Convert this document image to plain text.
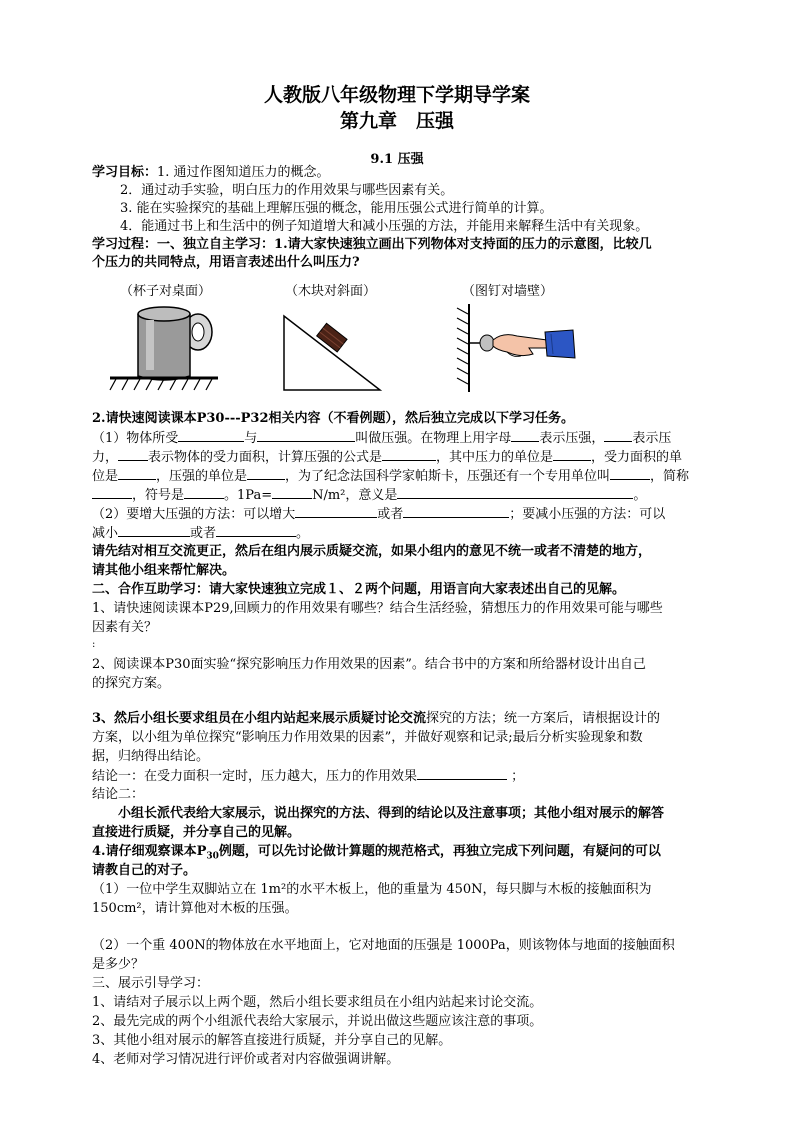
人教版八年级物理下学期导学案
第九章　压强
9.1 压强
学习目标：1. 通过作图知道压力的概念。
2．通过动手实验，明白压力的作用效果与哪些因素有关。
3. 能在实验探究的基础上理解压强的概念，能用压强公式进行简单的计算。
4．能通过书上和生活中的例子知道增大和减小压强的方法，并能用来解释生活中有关现象。
学习过程：一、独立自主学习：1.请大家快速独立画出下列物体对支持面的压力的示意图，比较几
个压力的共同特点，用语言表述出什么叫压力?
（杯子对桌面）	（木块对斜面）	（图钉对墙壁）
2.请快速阅读课本P30---P32相关内容（不看例题），然后独立完成以下学习任务。
（1）物体所受	与	叫做压强。在物理上用字母 表示压强， 表示压
力， 表示物体的受力面积，计算压强的公式是	，其中压力的单位是	，受力面积的单
位是	，压强的单位是	，为了纪念法国科学家帕斯卡，压强还有一个专用单位叫	，简称
，符号是	。1Pa=	N/m²，意义是	。
（2）要增大压强的方法：可以增大	或者	；要减小压强的方法：可以
减小	或者	。
请先结对相互交流更正，然后在组内展示质疑交流，如果小组内的意见不统一或者不清楚的地方，
请其他小组来帮忙解决。
二、合作互助学习：请大家快速独立完成１、２两个问题，用语言向大家表述出自己的见解。
1、请快速阅读课本P29,回顾力的作用效果有哪些？结合生活经验，猜想压力的作用效果可能与哪些
因素有关？
:
2、阅读课本P30面实验“探究影响压力作用效果的因素”。结合书中的方案和所给器材设计出自己
的探究方案。
3、然后小组长要求组员在小组内站起来展示质疑讨论交流探究的方法；统一方案后，请根据设计的
方案，以小组为单位探究“影响压力作用效果的因素”，并做好观察和记录;最后分析实验现象和数
据，归纳得出结论。
结论一：在受力面积一定时，压力越大，压力的作用效果	；
结论二：
　　小组长派代表给大家展示，说出探究的方法、得到的结论以及注意事项；其他小组对展示的解答
直接进行质疑，并分享自己的见解。
4.请仔细观察课本$P_{30}$例题，可以先讨论做计算题的规范格式，再独立完成下列问题，有疑问的可以
请教自己的对子。
（1）一位中学生双脚站立在 1m²的水平木板上，他的重量为 450N，每只脚与木板的接触面积为
150cm²，请计算他对木板的压强。
（2）一个重 400N的物体放在水平地面上，它对地面的压强是 1000Pa，则该物体与地面的接触面积
是多少？
三、展示引导学习：
1、请结对子展示以上两个题，然后小组长要求组员在小组内站起来讨论交流。
2、最先完成的两个小组派代表给大家展示，并说出做这些题应该注意的事项。
3、其他小组对展示的解答直接进行质疑，并分享自己的见解。
4、老师对学习情况进行评价或者对内容做强调讲解。
